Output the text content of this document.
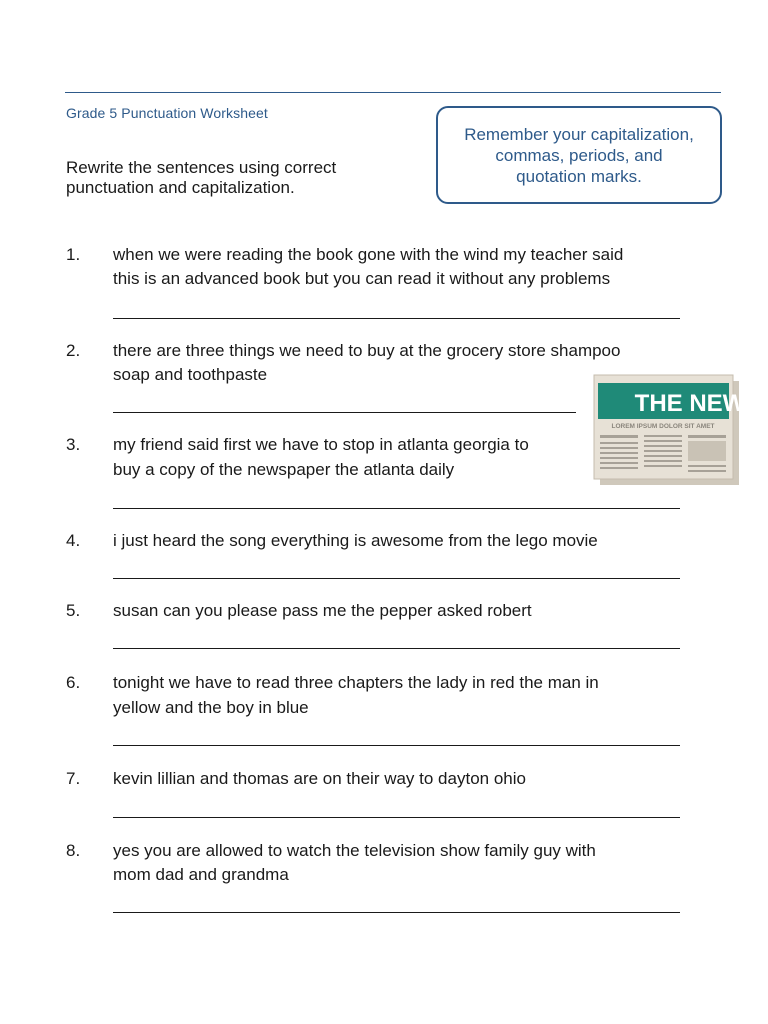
Grade 5 Punctuation Worksheet
Rewrite the sentences using correct
punctuation and capitalization.
Remember your capitalization,
commas, periods, and
quotation marks.
1. when we were reading the book gone with the wind my teacher said
this is an advanced book but you can read it without any problems
2. there are three things we need to buy at the grocery store shampoo
soap and toothpaste
3. my friend said first we have to stop in atlanta georgia to
buy a copy of the newspaper the atlanta daily
4. i just heard the song everything is awesome from the lego movie
5. susan can you please pass me the pepper asked robert
6. tonight we have to read three chapters the lady in red the man in
yellow and the boy in blue
7. kevin lillian and thomas are on their way to dayton ohio
8. yes you are allowed to watch the television show family guy with
mom dad and grandma
THE NEWS
LOREM IPSUM DOLOR SIT AMET
